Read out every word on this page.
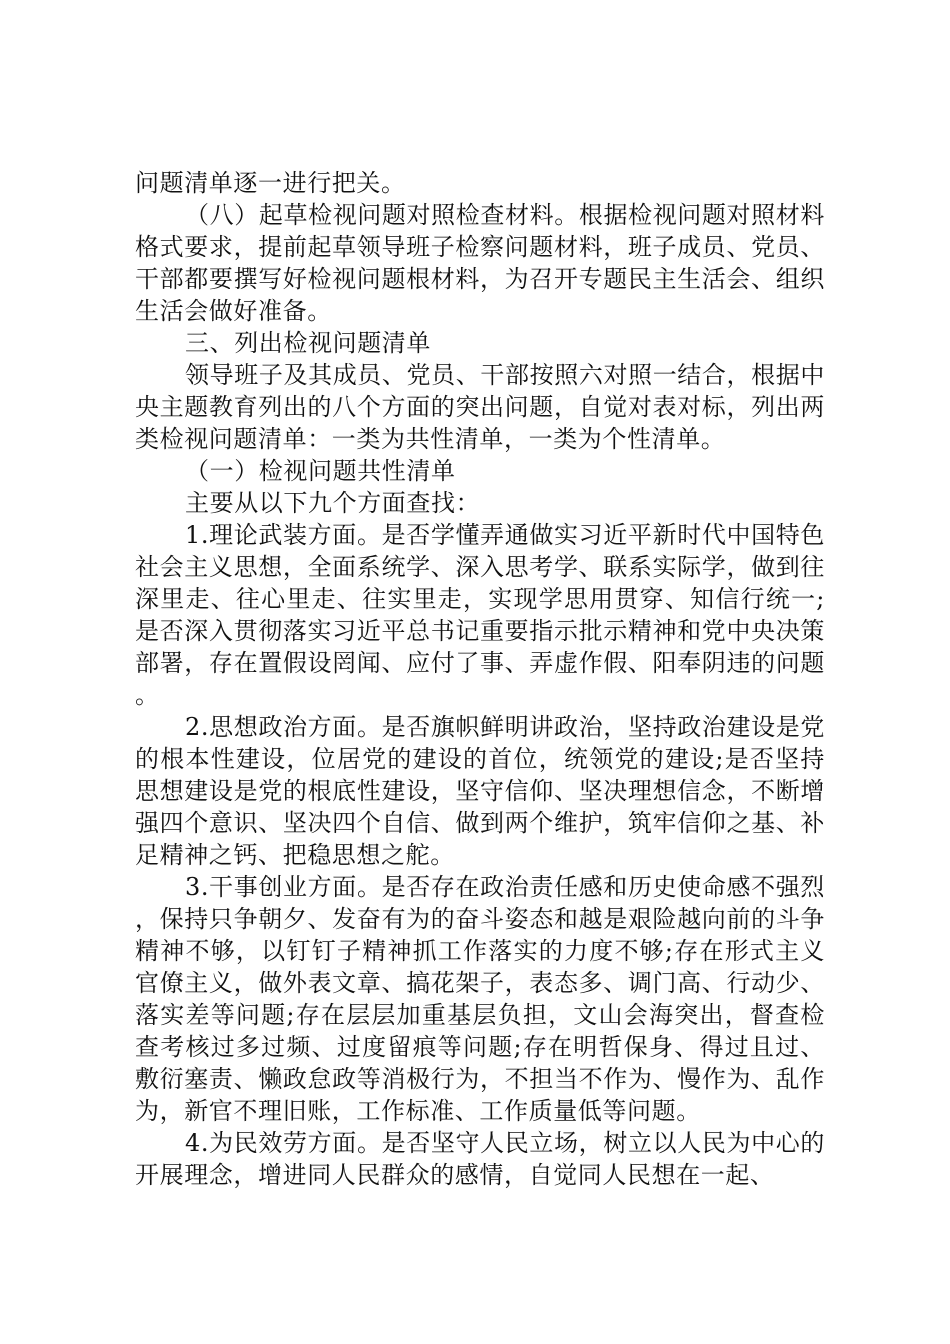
问题清单逐一进行把关。

（八）起草检视问题对照检查材料。根据检视问题对照材料格式要求，提前起草领导班子检察问题材料，班子成员、党员、干部都要撰写好检视问题根材料，为召开专题民主生活会、组织生活会做好准备。

三、列出检视问题清单

领导班子及其成员、党员、干部按照六对照一结合，根据中央主题教育列出的八个方面的突出问题，自觉对表对标，列出两类检视问题清单：一类为共性清单，一类为个性清单。

（一）检视问题共性清单

主要从以下九个方面查找：

1.理论武装方面。是否学懂弄通做实习近平新时代中国特色社会主义思想，全面系统学、深入思考学、联系实际学，做到往深里走、往心里走、往实里走，实现学思用贯穿、知信行统一;是否深入贯彻落实习近平总书记重要指示批示精神和党中央决策部署，存在置假设罔闻、应付了事、弄虚作假、阳奉阴违的问题。

2.思想政治方面。是否旗帜鲜明讲政治，坚持政治建设是党的根本性建设，位居党的建设的首位，统领党的建设;是否坚持思想建设是党的根底性建设，坚守信仰、坚决理想信念，不断增强四个意识、坚决四个自信、做到两个维护，筑牢信仰之基、补足精神之钙、把稳思想之舵。

3.干事创业方面。是否存在政治责任感和历史使命感不强烈，保持只争朝夕、发奋有为的奋斗姿态和越是艰险越向前的斗争精神不够，以钉钉子精神抓工作落实的力度不够;存在形式主义官僚主义，做外表文章、搞花架子，表态多、调门高、行动少、落实差等问题;存在层层加重基层负担，文山会海突出，督查检查考核过多过频、过度留痕等问题;存在明哲保身、得过且过、敷衍塞责、懒政怠政等消极行为，不担当不作为、慢作为、乱作为，新官不理旧账，工作标准、工作质量低等问题。

4.为民效劳方面。是否坚守人民立场，树立以人民为中心的开展理念，增进同人民群众的感情，自觉同人民想在一起、
